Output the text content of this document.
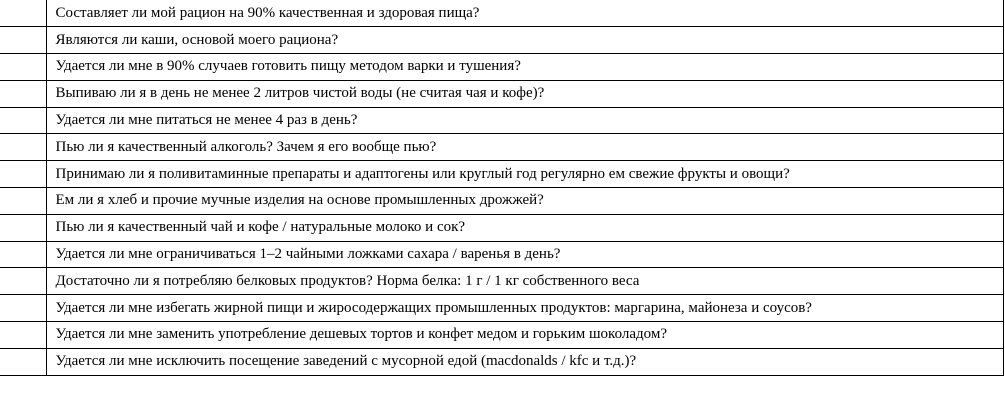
	Составляет ли мой рацион на 90% качественная и здоровая пища?
	Являются ли каши, основой моего рациона?
	Удается ли мне в 90% случаев готовить пищу методом варки и тушения?
	Выпиваю ли я в день не менее 2 литров чистой воды (не считая чая и кофе)?
	Удается ли мне питаться не менее 4 раз в день?
	Пью ли я качественный алкоголь? Зачем я его вообще пью?
	Принимаю ли я поливитаминные препараты и адаптогены или круглый год регулярно ем свежие фрукты и овощи?
	Ем ли я хлеб и прочие мучные изделия на основе промышленных дрожжей?
	Пью ли я качественный чай и кофе / натуральные молоко и сок?
	Удается ли мне ограничиваться 1–2 чайными ложками сахара / варенья в день?
	Достаточно ли я потребляю белковых продуктов? Норма белка: 1 г / 1 кг собственного веса
	Удается ли мне избегать жирной пищи и жиросодержащих промышленных продуктов: маргарина, майонеза и соусов?
	Удается ли мне заменить употребление дешевых тортов и конфет медом и горьким шоколадом?
	Удается ли мне исключить посещение заведений с мусорной едой (macdonalds / kfc и т.д.)?
